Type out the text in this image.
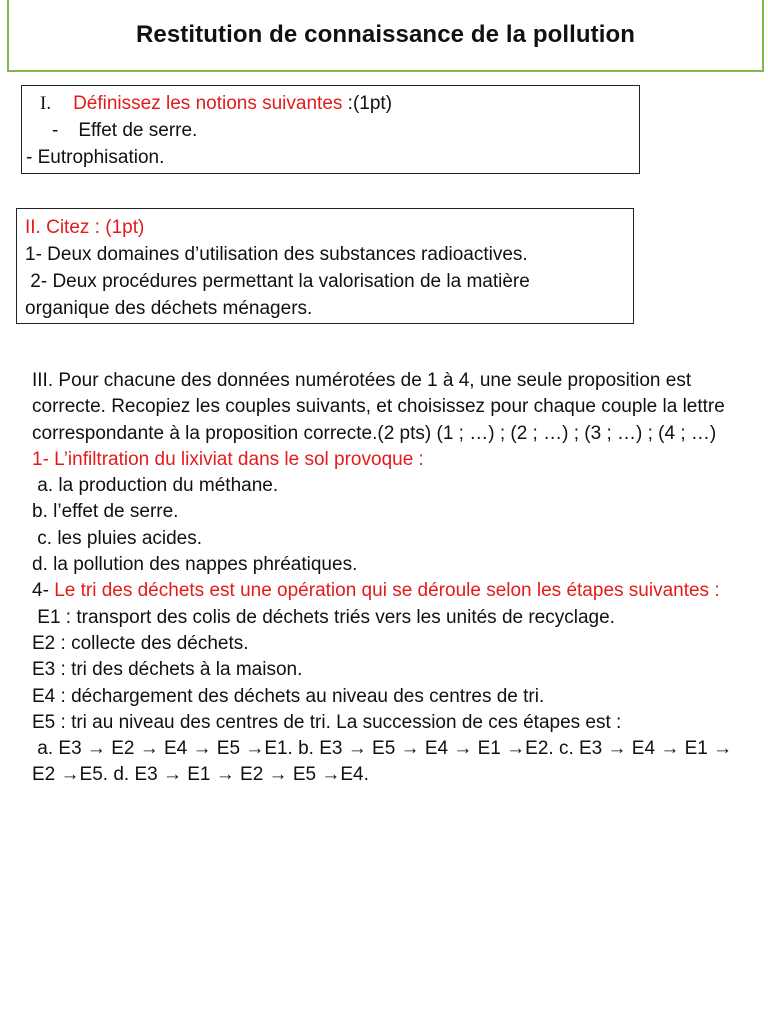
Restitution de connaissance de la pollution
I. Définissez les notions suivantes :(1pt)
- Effet de serre.
- Eutrophisation.
II. Citez : (1pt)
1- Deux domaines d’utilisation des substances radioactives.
2- Deux procédures permettant la valorisation de la matière
organique des déchets ménagers.
III. Pour chacune des données numérotées de 1 à 4, une seule proposition est correcte. Recopiez les couples suivants, et choisissez pour chaque couple la lettre correspondante à la proposition correcte.(2 pts) (1 ; …) ; (2 ; …) ; (3 ; …) ; (4 ; …)
1- L’infiltration du lixiviat dans le sol provoque :
a. la production du méthane.
b. l’effet de serre.
c. les pluies acides.
d. la pollution des nappes phréatiques.
4- Le tri des déchets est une opération qui se déroule selon les étapes suivantes :
E1 : transport des colis de déchets triés vers les unités de recyclage.
E2 : collecte des déchets.
E3 : tri des déchets à la maison.
E4 : déchargement des déchets au niveau des centres de tri.
E5 : tri au niveau des centres de tri. La succession de ces étapes est :
a. E3 → E2 → E4 → E5 →E1. b. E3 → E5 → E4 → E1 →E2. c. E3 → E4 → E1 → E2 →E5. d. E3 → E1 → E2 → E5 →E4.
